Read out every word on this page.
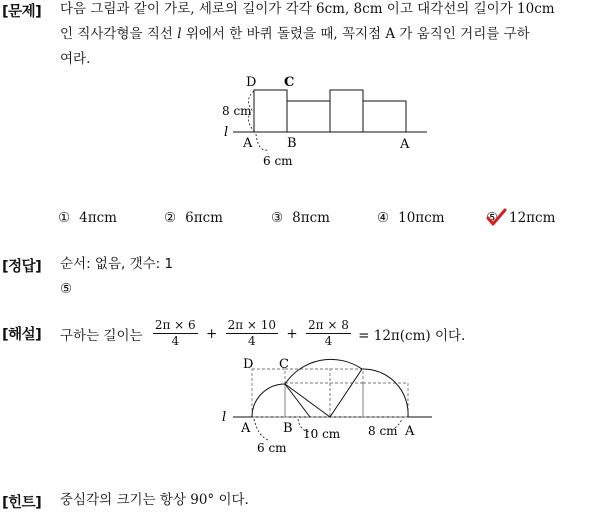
[문제] 다음 그림과 같이 가로, 세로의 길이가 각각 6cm, 8cm 이고 대각선의 길이가 10cm
인 직사각형을 직선 l 위에서 한 바퀴 돌렸을 때, 꼭지점 A 가 움직인 거리를 구하
여라.
D C
8 cm
l
A	B	A
6 cm
① 4πcm	② 6πcm	③ 8πcm	④ 10πcm	⑤ 12πcm
[정답] 순서: 없음, 갯수: 1
⑤
[해설] 구하는 길이는 $\frac{2\pi \times 6}{4} + \frac{2\pi \times 10}{4} + \frac{2\pi \times 8}{4} = 12\pi(cm)$ 이다.
D C
l
A	B 10 cm 8 cm A
6 cm
[힌트] 중심각의 크기는 항상 90° 이다.
